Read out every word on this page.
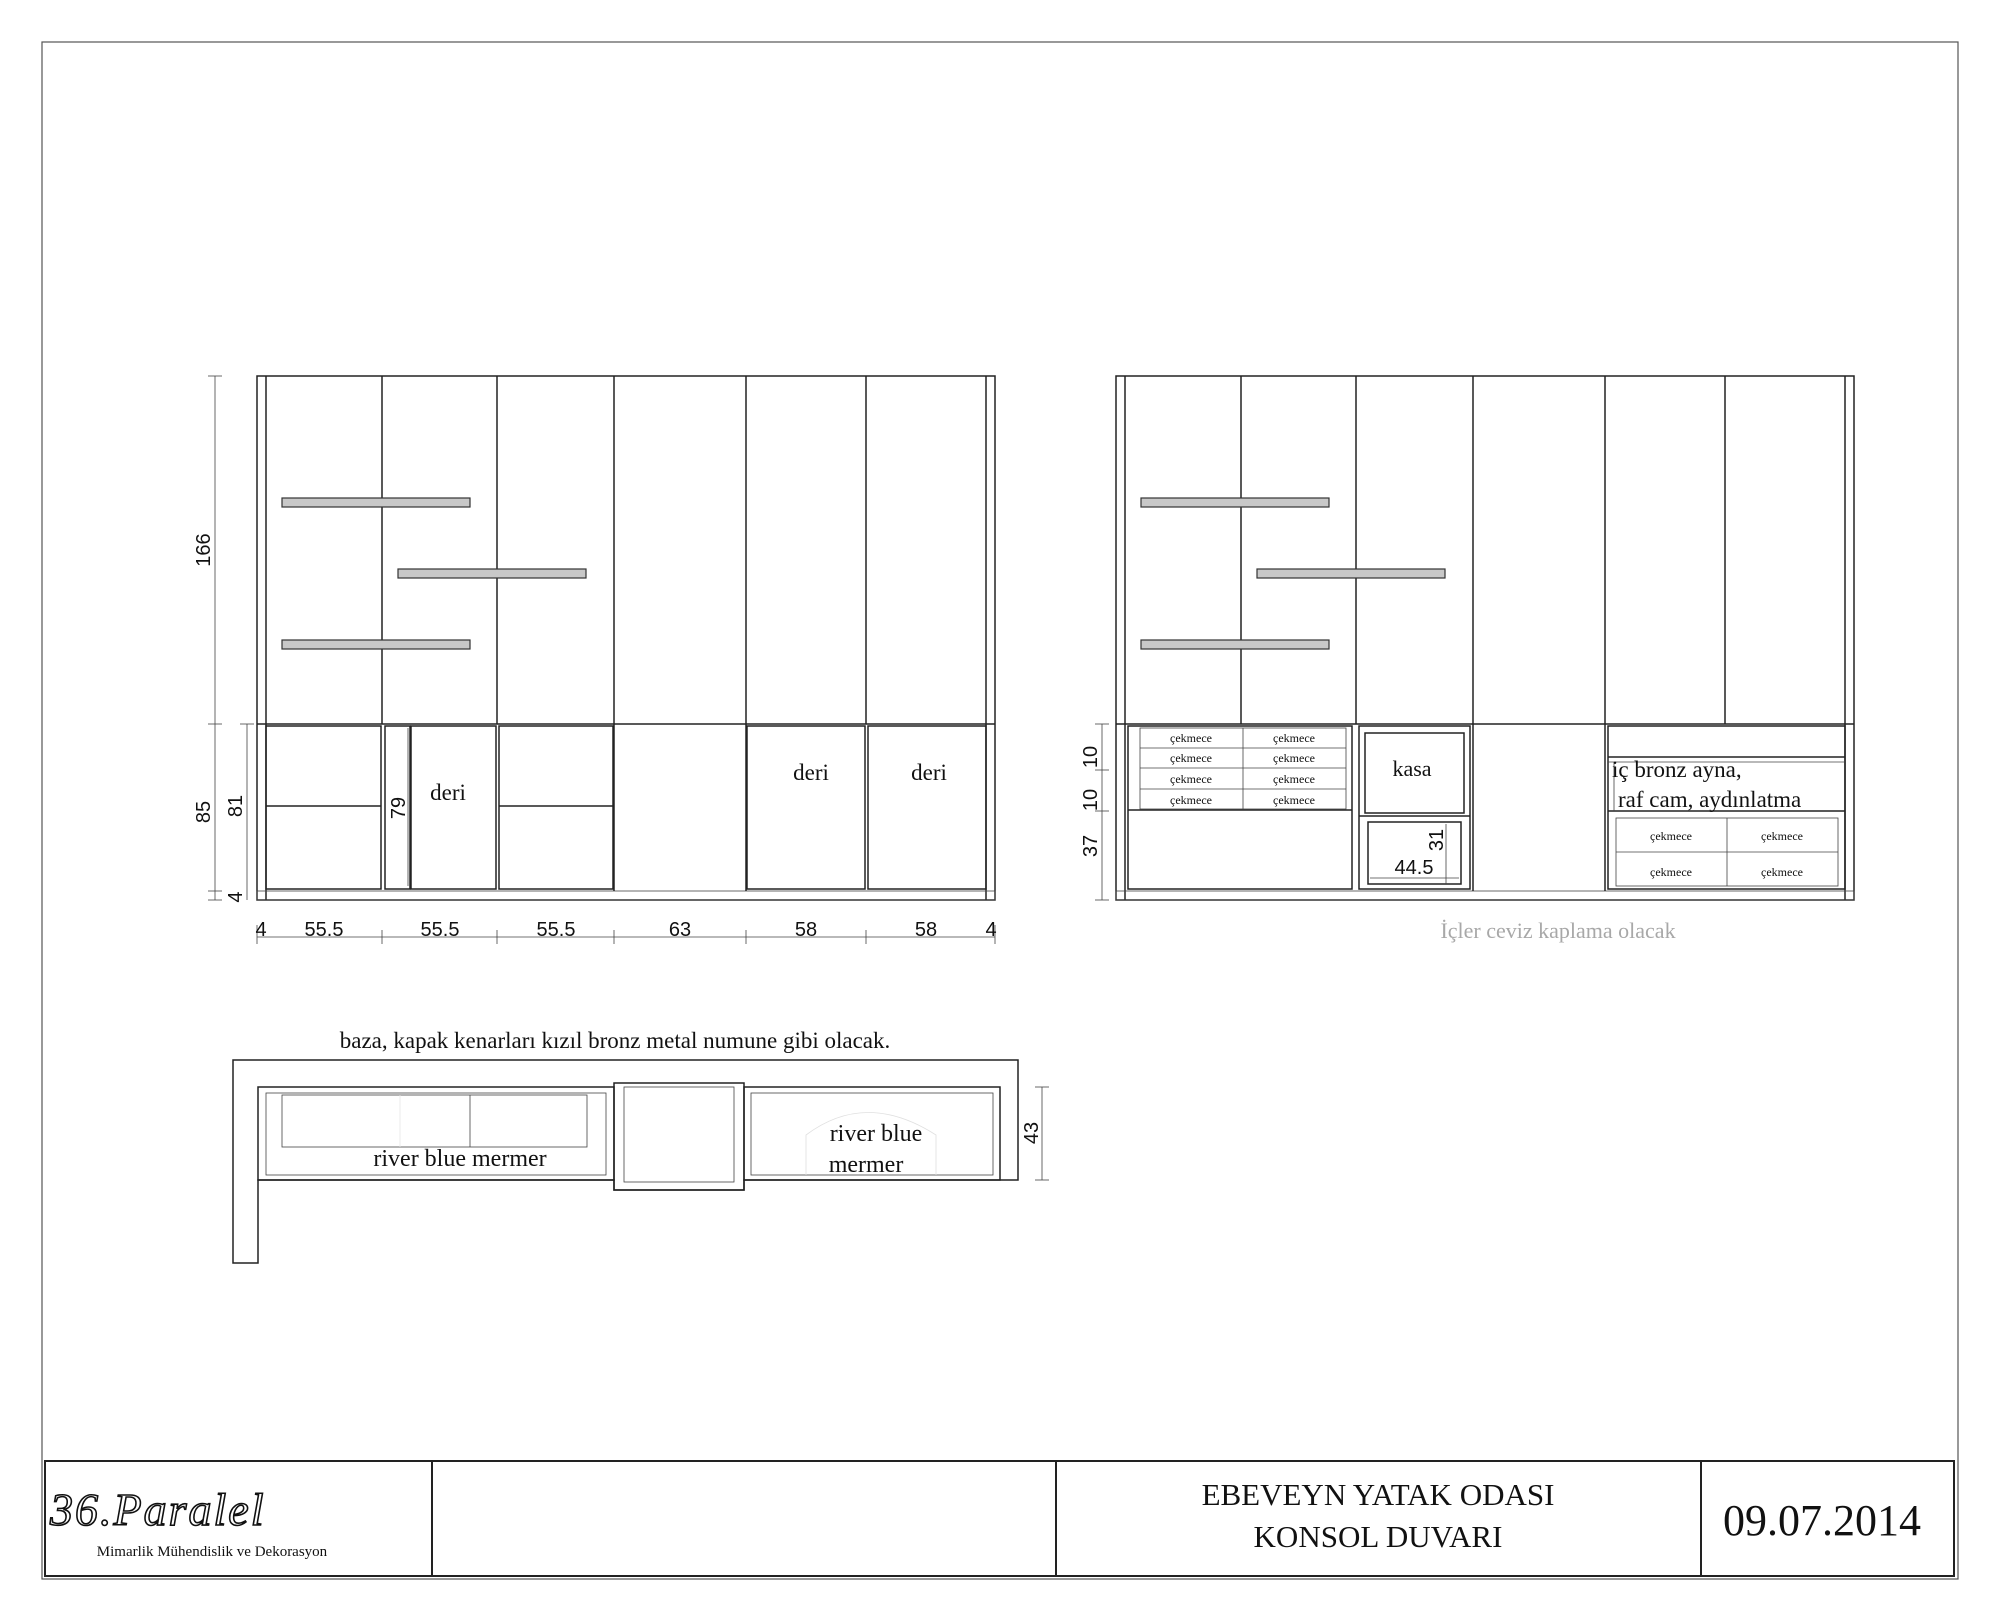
166
85 81
4
79
4 55.5	55.5	55.5	63	58	58 4
deri
deri	deri
çekmece	çekmece
çekmece	çekmece
çekmece	çekmece
çekmece	çekmece
kasa
44.5
31	çekmece	çekmece
çekmece	çekmece
iç bronz ayna,
raf cam, aydınlatma
10
10
37
İçler ceviz kaplama olacak
baza, kapak kenarları kızıl bronz metal numune gibi olacak.
river blue mermer
river blue
mermer
43
36.Paralel
Mimarlik Mühendislik ve Dekorasyon
EBEVEYN YATAK ODASI
KONSOL DUVARI	09.07.2014
